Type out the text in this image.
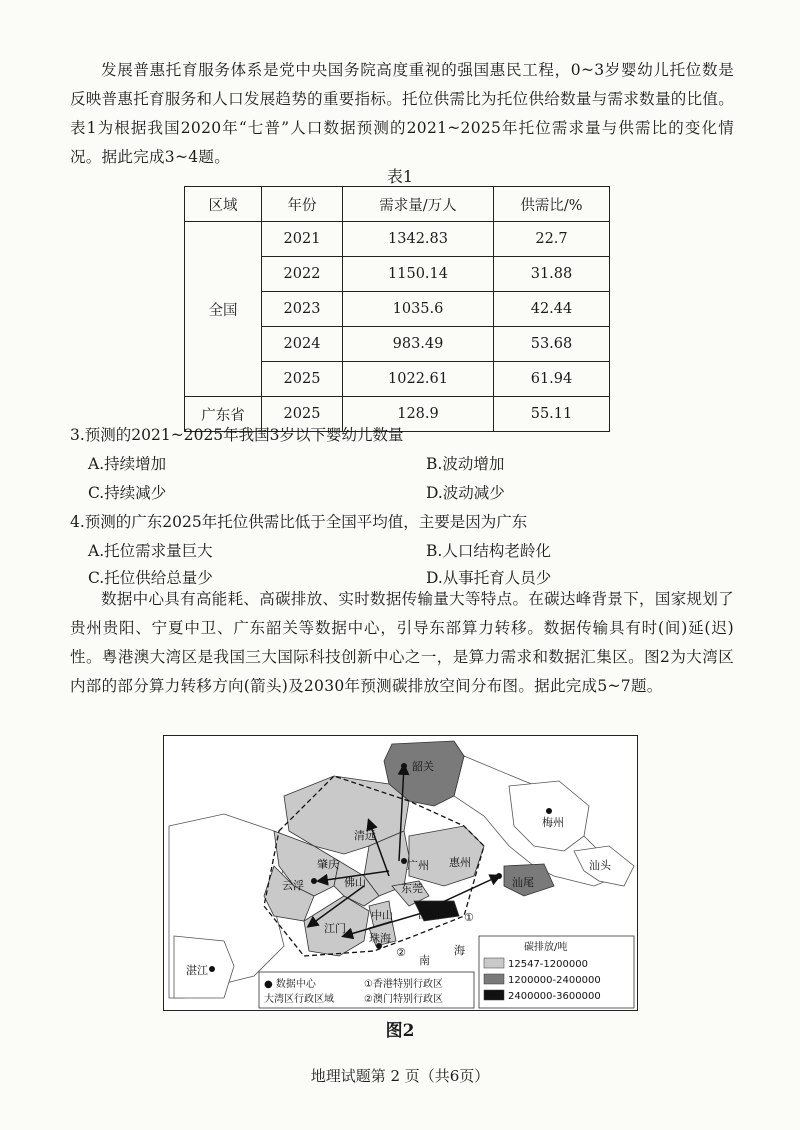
发展普惠托育服务体系是党中央国务院高度重视的强国惠民工程，0~3岁婴幼儿托位数是反映普惠托育服务和人口发展趋势的重要指标。托位供需比为托位供给数量与需求数量的比值。表1为根据我国2020年“七普”人口数据预测的2021~2025年托位需求量与供需比的变化情况。据此完成3~4题。

表1
区域	年份	需求量/万人	供需比/%
全国	2021	1342.83	22.7
	2022	1150.14	31.88
	2023	1035.6	42.44
	2024	983.49	53.68
	2025	1022.61	61.94
广东省	2025	128.9	55.11
3.预测的2021~2025年我国3岁以下婴幼儿数量
A.持续增加	B.波动增加
C.持续减少	D.波动减少
4.预测的广东2025年托位供需比低于全国平均值，主要是因为广东
A.托位需求量巨大	B.人口结构老龄化
C.托位供给总量少	D.从事托育人员少

数据中心具有高能耗、高碳排放、实时数据传输量大等特点。在碳达峰背景下，国家规划了贵州贵阳、宁夏中卫、广东韶关等数据中心，引导东部算力转移。数据传输具有时(间)延(迟)性。粤港澳大湾区是我国三大国际科技创新中心之一，是算力需求和数据汇集区。图2为大湾区内部的部分算力转移方向(箭头)及2030年预测碳排放空间分布图。据此完成5~7题。

韶关
梅州
清远
肇庆
佛山
广州 惠州
云浮	东莞
深圳
汕尾
汕头
中山
江门
珠海
湛江
①
②
南
海
● 数据中心
大湾区行政区域
①香港特别行政区
②澳门特别行政区
碳排放/吨
12547-1200000
1200000-2400000
2400000-3600000
图2
地理试题第 2 页（共6页）
